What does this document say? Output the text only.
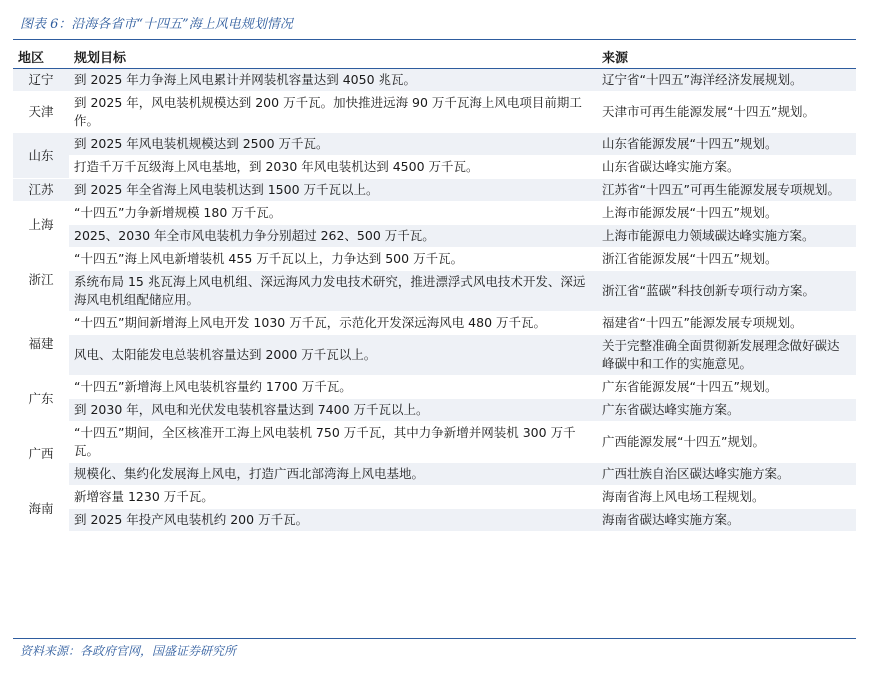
图表 6：沿海各省市“十四五”海上风电规划情况
地区	规划目标	来源
辽宁	到 2025 年力争海上风电累计并网装机容量达到 4050 兆瓦。	辽宁省“十四五”海洋经济发展规划。
天津	到 2025 年，风电装机规模达到 200 万千瓦。加快推进远海 90 万千瓦海上风电项目前期工作。	天津市可再生能源发展“十四五”规划。
山东	到 2025 年风电装机规模达到 2500 万千瓦。	山东省能源发展“十四五”规划。
	打造千万千瓦级海上风电基地，到 2030 年风电装机达到 4500 万千瓦。	山东省碳达峰实施方案。
江苏	到 2025 年全省海上风电装机达到 1500 万千瓦以上。	江苏省“十四五”可再生能源发展专项规划。
上海	“十四五”力争新增规模 180 万千瓦。	上海市能源发展“十四五”规划。
	2025、2030 年全市风电装机力争分别超过 262、500 万千瓦。	上海市能源电力领域碳达峰实施方案。
浙江	“十四五”海上风电新增装机 455 万千瓦以上，力争达到 500 万千瓦。	浙江省能源发展“十四五”规划。
	系统布局 15 兆瓦海上风电机组、深远海风力发电技术研究，推进漂浮式风电技术开发、深远海风电机组配储应用。	浙江省“蓝碳”科技创新专项行动方案。
福建	“十四五”期间新增海上风电开发 1030 万千瓦，示范化开发深远海风电 480 万千瓦。	福建省“十四五”能源发展专项规划。
	风电、太阳能发电总装机容量达到 2000 万千瓦以上。	关于完整准确全面贯彻新发展理念做好碳达峰碳中和工作的实施意见。
广东	“十四五”新增海上风电装机容量约 1700 万千瓦。	广东省能源发展“十四五”规划。
	到 2030 年，风电和光伏发电装机容量达到 7400 万千瓦以上。	广东省碳达峰实施方案。
广西	“十四五”期间，全区核准开工海上风电装机 750 万千瓦，其中力争新增并网装机 300 万千瓦。	广西能源发展“十四五”规划。
	规模化、集约化发展海上风电，打造广西北部湾海上风电基地。	广西壮族自治区碳达峰实施方案。
海南	新增容量 1230 万千瓦。	海南省海上风电场工程规划。
	到 2025 年投产风电装机约 200 万千瓦。	海南省碳达峰实施方案。
资料来源：各政府官网，国盛证券研究所
